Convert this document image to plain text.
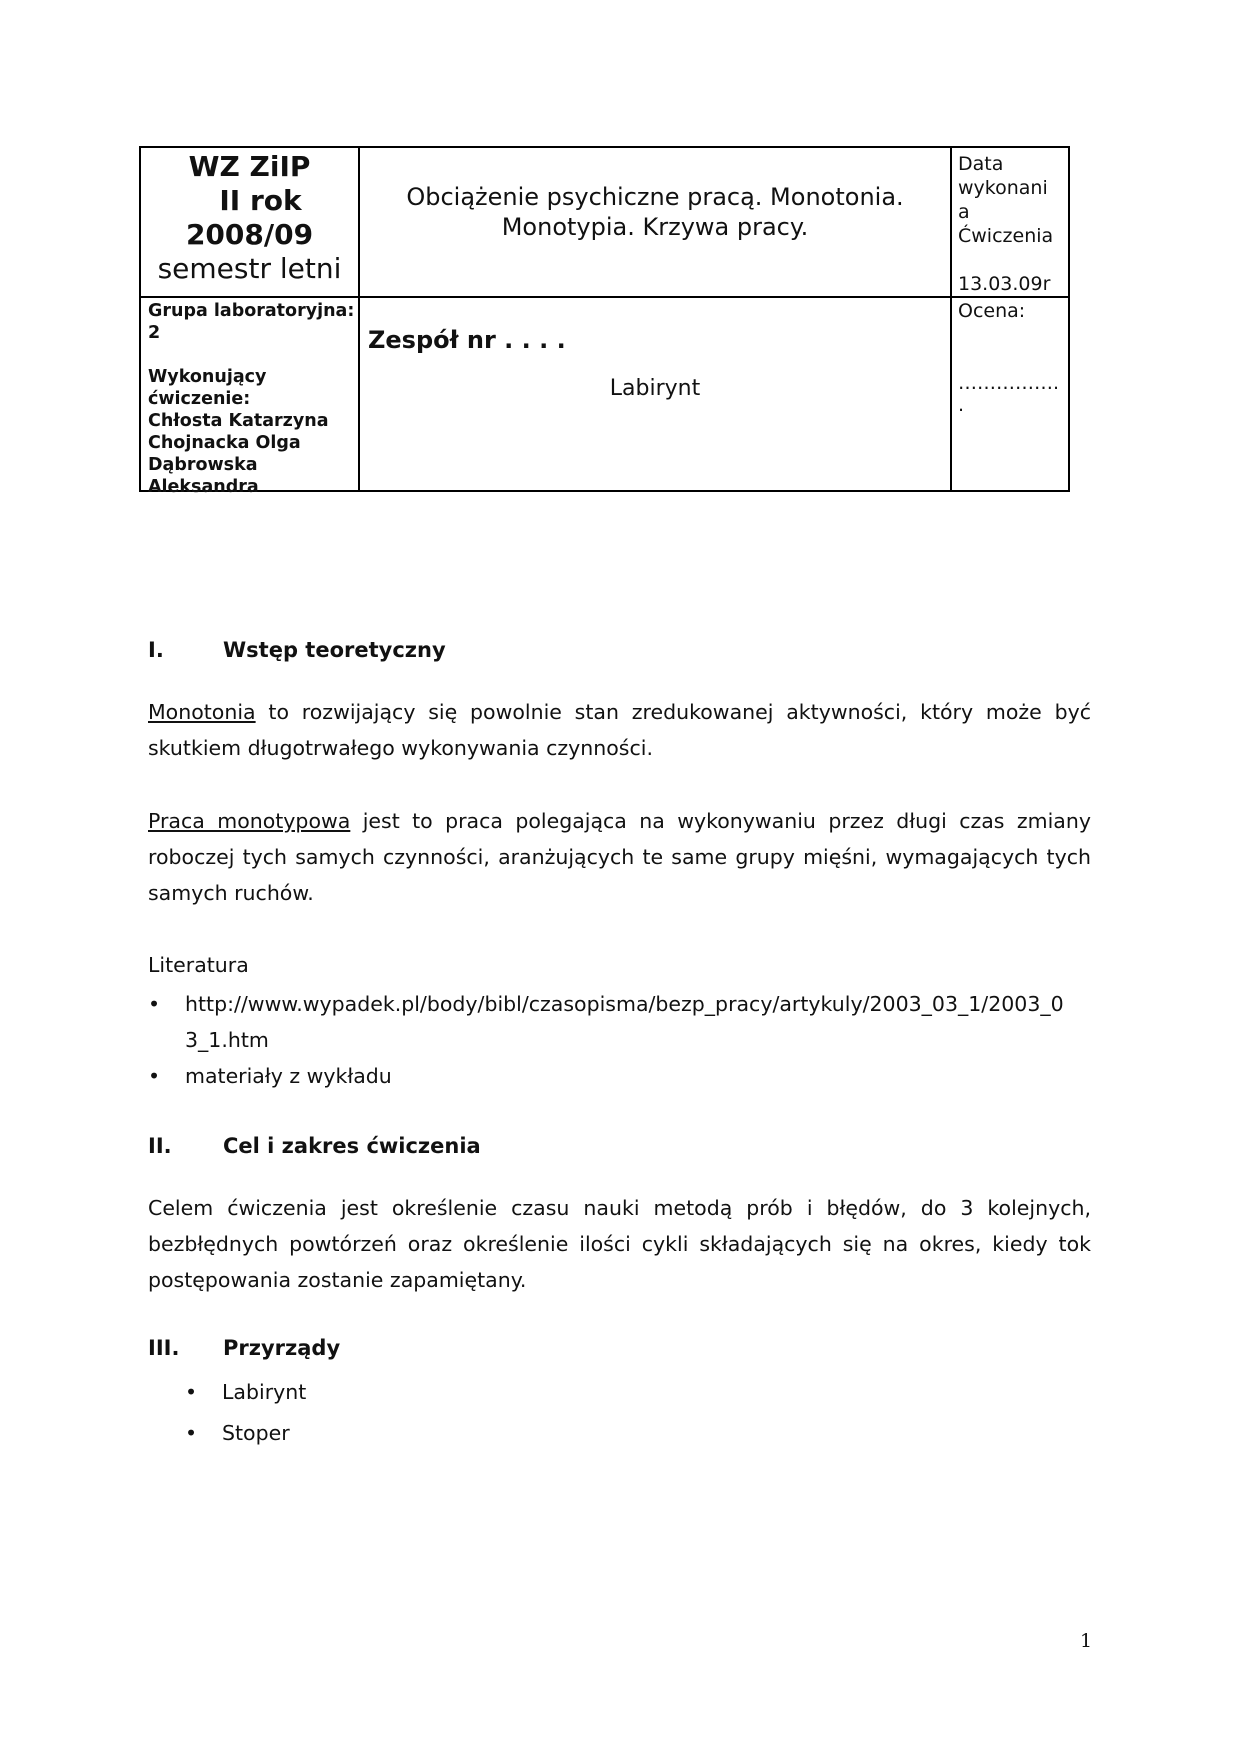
WZ ZiIP
II rok
2008/09
semestr letni
Obciążenie psychiczne pracą. Monotonia.
Monotypia. Krzywa pracy.
Data
wykonani
a
Ćwiczenia
13.03.09r
Grupa laboratoryjna:
2
Wykonujący
ćwiczenie:
Chłosta Katarzyna
Chojnacka Olga
Dąbrowska
Aleksandra
Zespół nr . . . .
Labirynt
Ocena:
…………….
.
I.	Wstęp teoretyczny
Monotonia to rozwijający się powolnie stan zredukowanej aktywności, który może być
skutkiem długotrwałego wykonywania czynności.
Praca monotypowa jest to praca polegająca na wykonywaniu przez długi czas zmiany
roboczej tych samych czynności, aranżujących te same grupy mięśni, wymagających tych
samych ruchów.
Literatura
• http://www.wypadek.pl/body/bibl/czasopisma/bezp_pracy/artykuly/2003_03_1/2003_0
3_1.htm
• materiały z wykładu
II. Cel i zakres ćwiczenia
Celem ćwiczenia jest określenie czasu nauki metodą prób i błędów, do 3 kolejnych,
bezbłędnych powtórzeń oraz określenie ilości cykli składających się na okres, kiedy tok
postępowania zostanie zapamiętany.
III. Przyrządy
• Labirynt
• Stoper
1
